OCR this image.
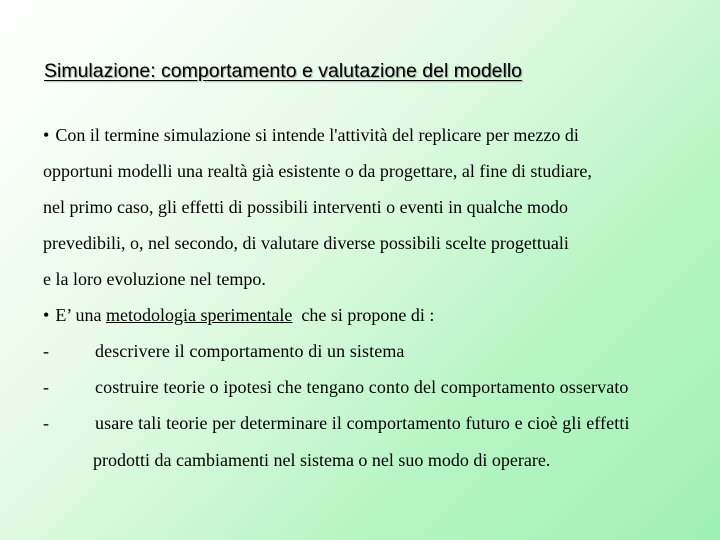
Simulazione: comportamento e valutazione del modello
• Con il termine simulazione si intende l'attività del replicare per mezzo di
opportuni modelli una realtà già esistente o da progettare, al fine di studiare,
nel primo caso, gli effetti di possibili interventi o eventi in qualche modo
prevedibili, o, nel secondo, di valutare diverse possibili scelte progettuali
e la loro evoluzione nel tempo.
• E’ una metodologia sperimentale  che si propone di :
-	descrivere il comportamento di un sistema
-	costruire teorie o ipotesi che tengano conto del comportamento osservato
-	usare tali teorie per determinare il comportamento futuro e cioè gli effetti
prodotti da cambiamenti nel sistema o nel suo modo di operare.
